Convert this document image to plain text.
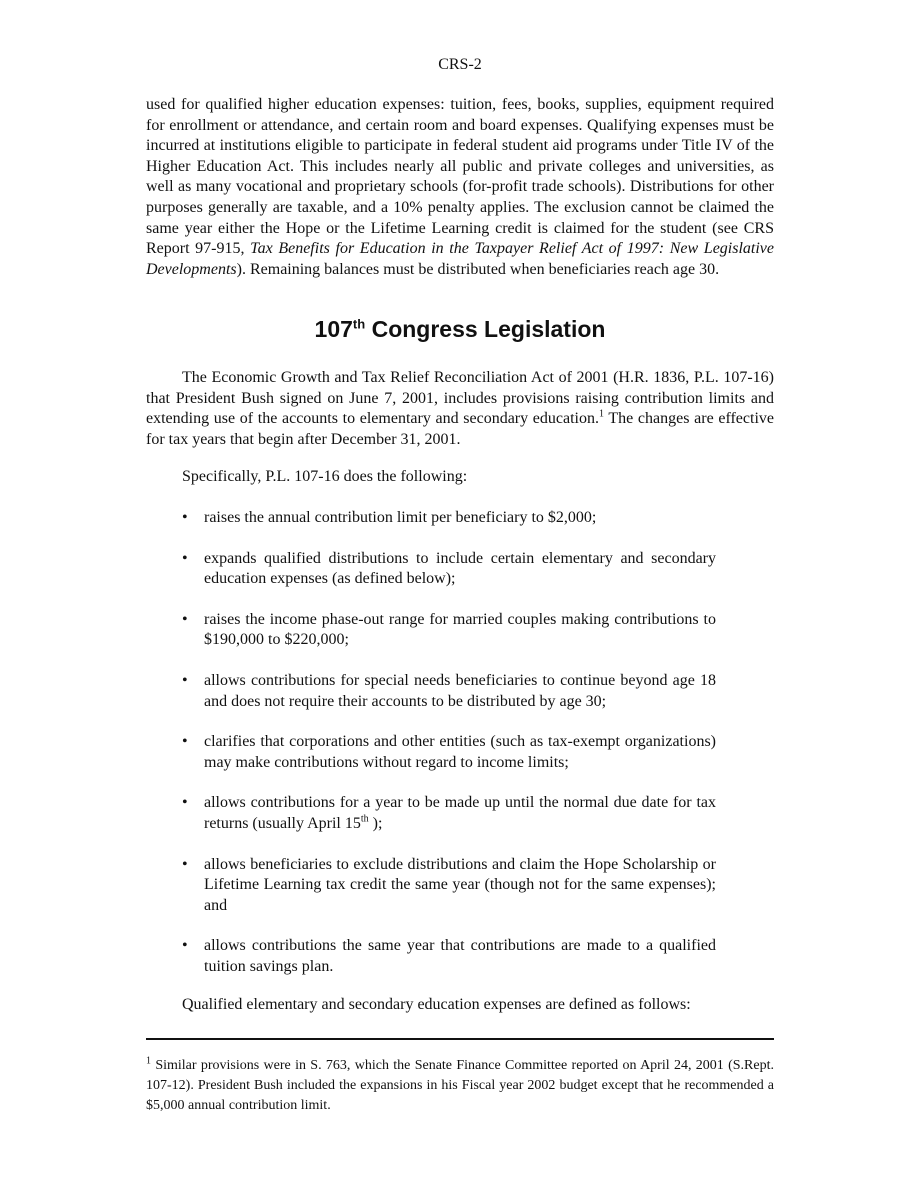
CRS-2

used for qualified higher education expenses: tuition, fees, books, supplies, equipment required for enrollment or attendance, and certain room and board expenses. Qualifying expenses must be incurred at institutions eligible to participate in federal student aid programs under Title IV of the Higher Education Act. This includes nearly all public and private colleges and universities, as well as many vocational and proprietary schools (for-profit trade schools). Distributions for other purposes generally are taxable, and a 10% penalty applies. The exclusion cannot be claimed the same year either the Hope or the Lifetime Learning credit is claimed for the student (see CRS Report 97-915, Tax Benefits for Education in the Taxpayer Relief Act of 1997: New Legislative Developments). Remaining balances must be distributed when beneficiaries reach age 30.

107th Congress Legislation

The Economic Growth and Tax Relief Reconciliation Act of 2001 (H.R. 1836, P.L. 107-16) that President Bush signed on June 7, 2001, includes provisions raising contribution limits and extending use of the accounts to elementary and secondary education.$^1$ The changes are effective for tax years that begin after December 31, 2001.

Specifically, P.L. 107-16 does the following:

• raises the annual contribution limit per beneficiary to $2,000;
• expands qualified distributions to include certain elementary and secondary education expenses (as defined below);
• raises the income phase-out range for married couples making contributions to $190,000 to $220,000;
• allows contributions for special needs beneficiaries to continue beyond age 18 and does not require their accounts to be distributed by age 30;
• clarifies that corporations and other entities (such as tax-exempt organizations) may make contributions without regard to income limits;
• allows contributions for a year to be made up until the normal due date for tax returns (usually April 15th );
• allows beneficiaries to exclude distributions and claim the Hope Scholarship or Lifetime Learning tax credit the same year (though not for the same expenses); and
• allows contributions the same year that contributions are made to a qualified tuition savings plan.

Qualified elementary and secondary education expenses are defined as follows:

$^1$ Similar provisions were in S. 763, which the Senate Finance Committee reported on April 24, 2001 (S.Rept. 107-12). President Bush included the expansions in his Fiscal year 2002 budget except that he recommended a $5,000 annual contribution limit.
